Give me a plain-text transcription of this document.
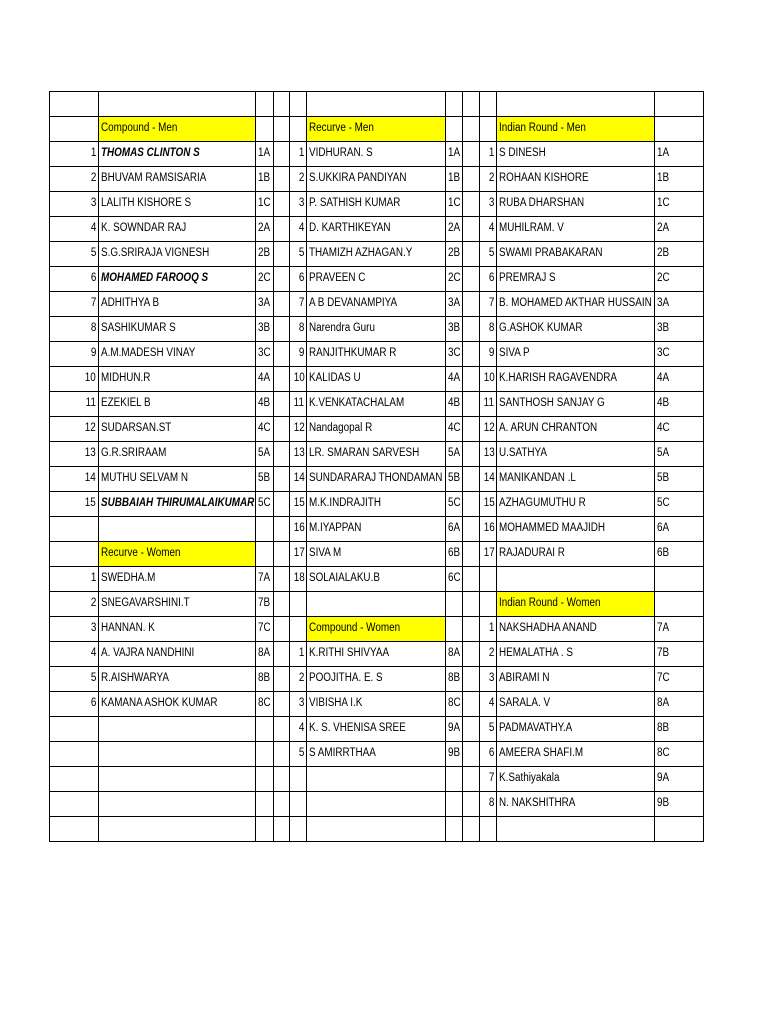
	Compound - Men				Recurve - Men				Indian Round - Men	
1	THOMAS CLINTON S	1A		1	VIDHURAN. S	1A		1	S DINESH	1A
2	BHUVAM RAMSISARIA	1B		2	S.UKKIRA PANDIYAN	1B		2	ROHAAN KISHORE	1B
3	LALITH KISHORE S	1C		3	P. SATHISH KUMAR	1C		3	RUBA DHARSHAN	1C
4	K. SOWNDAR RAJ	2A		4	D. KARTHIKEYAN	2A		4	MUHILRAM. V	2A
5	S.G.SRIRAJA VIGNESH	2B		5	THAMIZH AZHAGAN.Y	2B		5	SWAMI PRABAKARAN	2B
6	MOHAMED FAROOQ S	2C		6	PRAVEEN C	2C		6	PREMRAJ S	2C
7	ADHITHYA B	3A		7	A B DEVANAMPIYA	3A		7	B. MOHAMED AKTHAR HUSSAIN	3A
8	SASHIKUMAR S	3B		8	Narendra Guru	3B		8	G.ASHOK KUMAR	3B
9	A.M.MADESH VINAY	3C		9	RANJITHKUMAR R	3C		9	SIVA P	3C
10	MIDHUN.R	4A		10	KALIDAS U	4A		10	K.HARISH RAGAVENDRA	4A
11	EZEKIEL B	4B		11	K.VENKATACHALAM	4B		11	SANTHOSH SANJAY G	4B
12	SUDARSAN.ST	4C		12	Nandagopal R	4C		12	A. ARUN CHRANTON	4C
13	G.R.SRIRAAM	5A		13	LR. SMARAN SARVESH	5A		13	U.SATHYA	5A
14	MUTHU SELVAM N	5B		14	SUNDARARAJ THONDAMAN	5B		14	MANIKANDAN .L	5B
15	SUBBAIAH THIRUMALAIKUMAR	5C		15	M.K.INDRAJITH	5C		15	AZHAGUMUTHU R	5C
				16	M.IYAPPAN	6A		16	MOHAMMED MAAJIDH	6A
	Recurve - Women			17	SIVA M	6B		17	RAJADURAI R	6B
1	SWEDHA.M	7A		18	SOLAIALAKU.B	6C				
2	SNEGAVARSHINI.T	7B							Indian Round - Women	
3	HANNAN. K	7C			Compound - Women			1	NAKSHADHA ANAND	7A
4	A. VAJRA NANDHINI	8A		1	K.RITHI SHIVYAA	8A		2	HEMALATHA . S	7B
5	R.AISHWARYA	8B		2	POOJITHA. E. S	8B		3	ABIRAMI N	7C
6	KAMANA ASHOK KUMAR	8C		3	VIBISHA I.K	8C		4	SARALA. V	8A
				4	K. S. VHENISA SREE	9A		5	PADMAVATHY.A	8B
				5	S AMIRRTHAA	9B		6	AMEERA SHAFI.M	8C
								7	K.Sathiyakala	9A
								8	N. NAKSHITHRA	9B
